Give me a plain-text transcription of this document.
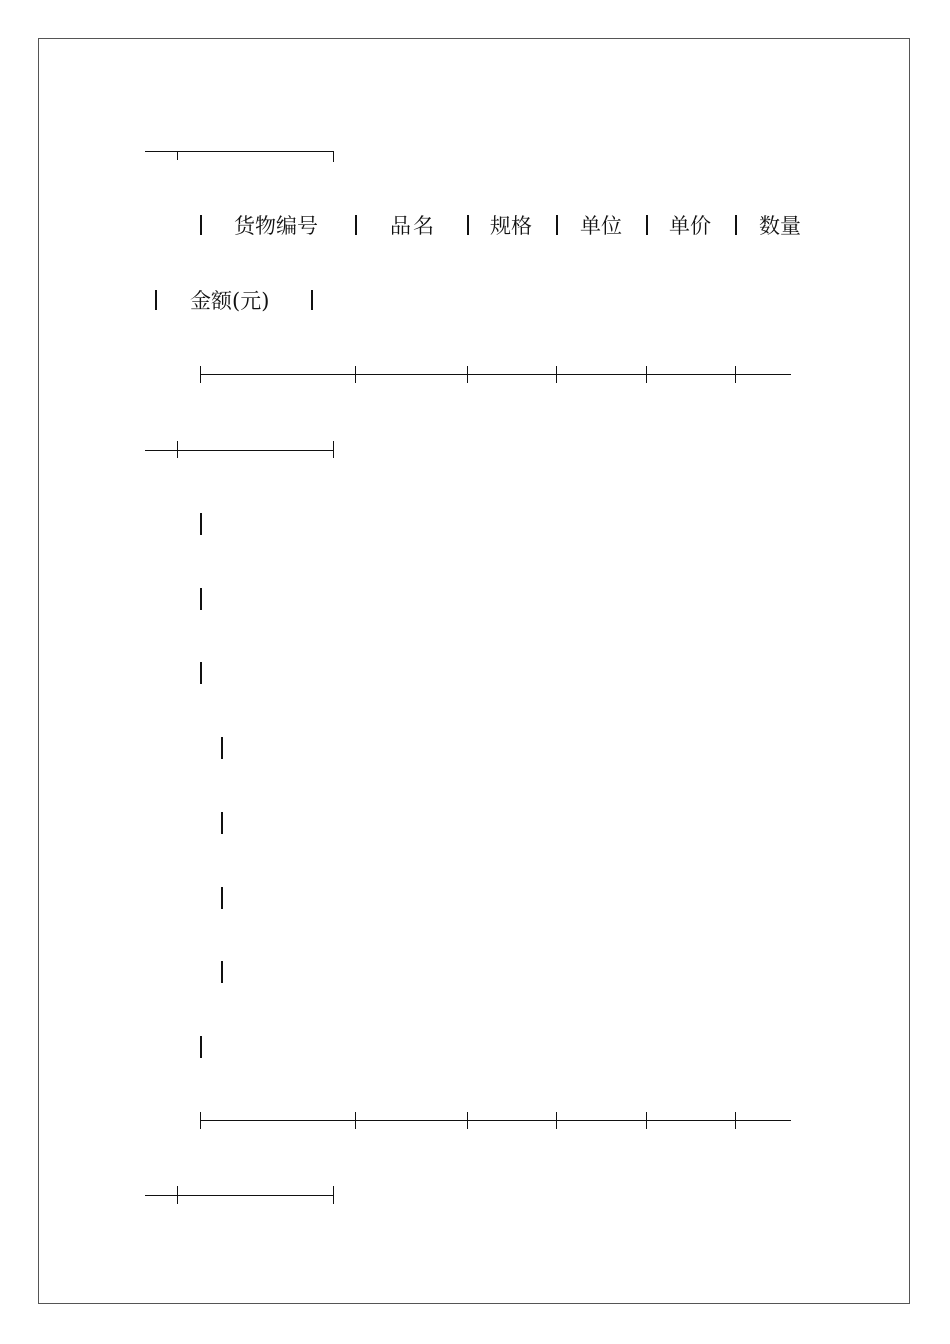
货物编号	品名	规格 单位 单价 数量
金额(元)
